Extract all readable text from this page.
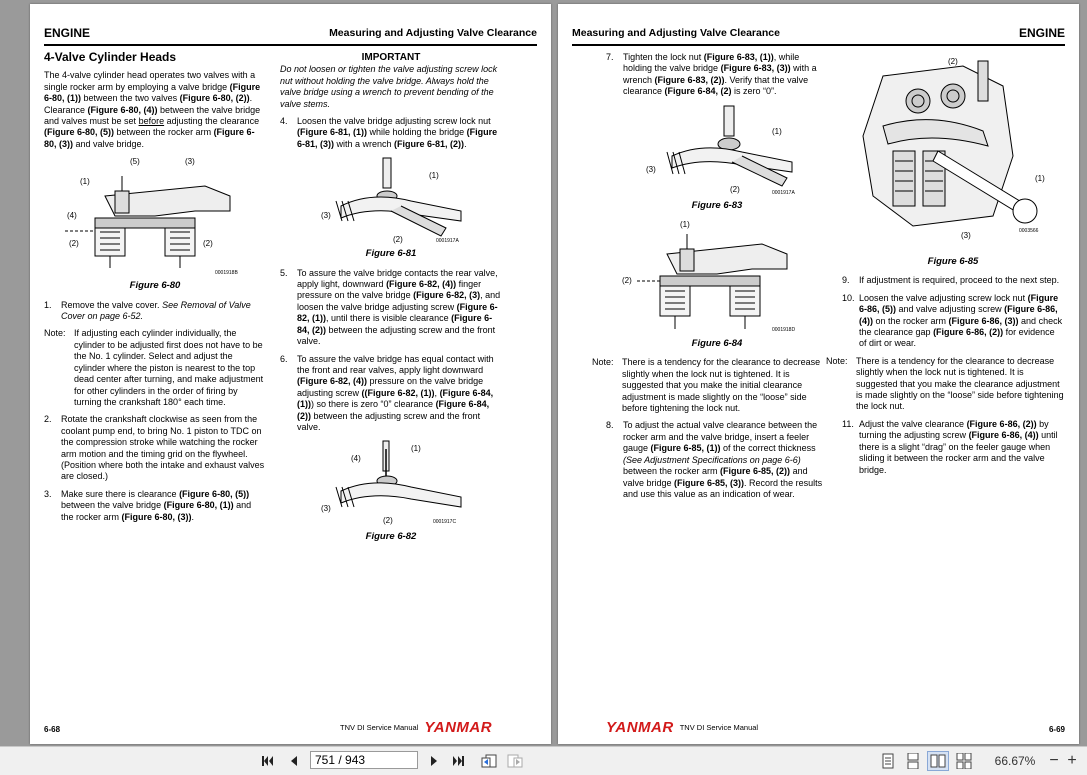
ENGINE	Measuring and Adjusting Valve Clearance
4-Valve Cylinder Heads

The 4-valve cylinder head operates two valves with a single rocker arm by employing a valve bridge (Figure 6-80, (1)) between the two valves (Figure 6-80, (2)). Clearance (Figure 6-80, (4)) between the valve bridge and valves must be set before adjusting the clearance (Figure 6-80, (5)) between the rocker arm (Figure 6-80, (3)) and valve bridge.

(5)	(3)
(1)
(4)
(2)	(2)
0001918B
Figure 6-80
1.	Remove the valve cover. See Removal of Valve Cover on page 6-52.
Note: If adjusting each cylinder individually, the cylinder to be adjusted first does not have to be the No. 1 cylinder. Select and adjust the cylinder where the piston is nearest to the top dead center after turning, and make adjustment for other cylinders in the order of firing by turning the crankshaft 180° each time.
2.	Rotate the crankshaft clockwise as seen from the coolant pump end, to bring No. 1 piston to TDC on the compression stroke while watching the rocker arm motion and the timing grid on the flywheel. (Position where both the intake and exhaust valves are closed.)
3.	Make sure there is clearance (Figure 6-80, (5)) between the valve bridge (Figure 6-80, (1)) and the rocker arm (Figure 6-80, (3)).
IMPORTANT

Do not loosen or tighten the valve adjusting screw lock nut without holding the valve bridge. Always hold the valve bridge using a wrench to prevent bending of the valve stems.

4.	Loosen the valve bridge adjusting screw lock nut (Figure 6-81, (1)) while holding the bridge (Figure 6-81, (3)) with a wrench (Figure 6-81, (2)).
(1)
(3)
(2)	0001917A
Figure 6-81
5.	To assure the valve bridge contacts the rear valve, apply light, downward (Figure 6-82, (4)) finger pressure on the valve bridge (Figure 6-82, (3), and loosen the valve bridge adjusting screw (Figure 6-82, (1)), until there is visible clearance (Figure 6-84, (2)) between the adjusting screw and the front valve.
6.	To assure the valve bridge has equal contact with the front and rear valves, apply light downward (Figure 6-82, (4)) pressure on the valve bridge adjusting screw ((Figure 6-82, (1)), (Figure 6-84, (1))) so there is zero “0” clearance (Figure 6-84, (2)) between the adjusting screw and the front valve.
(1)
(4)
(3)
(2)	0001917C
Figure 6-82
6-68	TNV DI Service Manual YANMAR
Measuring and Adjusting Valve Clearance	ENGINE
7.	Tighten the lock nut (Figure 6-83, (1)), while holding the valve bridge (Figure 6-83, (3)) with a wrench (Figure 6-83, (2)). Verify that the valve clearance (Figure 6-84, (2) is zero “0”.
(1)
(3)
(2)	0001917A
Figure 6-83
(1)
(2)
0001918D
Figure 6-84
Note: There is a tendency for the clearance to decrease slightly when the lock nut is tightened. It is suggested that you make the initial clearance adjustment is made slightly on the “loose” side before tightening the lock nut.
8.	To adjust the actual valve clearance between the rocker arm and the valve bridge, insert a feeler gauge (Figure 6-85, (1)) of the correct thickness (See Adjustment Specifications on page 6-6) between the rocker arm (Figure 6-85, (2)) and valve bridge (Figure 6-85, (3)). Record the results and use this value as an indication of wear.
(2)
(1)
(3)	0003566
Figure 6-85
9.	If adjustment is required, proceed to the next step.
10. Loosen the valve adjusting screw lock nut (Figure 6-86, (5)) and valve adjusting screw (Figure 6-86, (4)) on the rocker arm (Figure 6-86, (3)) and check the clearance gap (Figure 6-86, (2)) for evidence of dirt or wear.
Note: There is a tendency for the clearance to decrease slightly when the lock nut is tightened. It is suggested that you make the clearance adjustment is made slightly on the “loose” side before tightening the lock nut.
11. Adjust the valve clearance (Figure 6-86, (2)) by turning the adjusting screw (Figure 6-86, (4)) until there is a slight “drag” on the feeler gauge when sliding it between the rocker arm and the valve bridge.
YANMAR TNV DI Service Manual	6-69
751 / 943	66.67% − +
